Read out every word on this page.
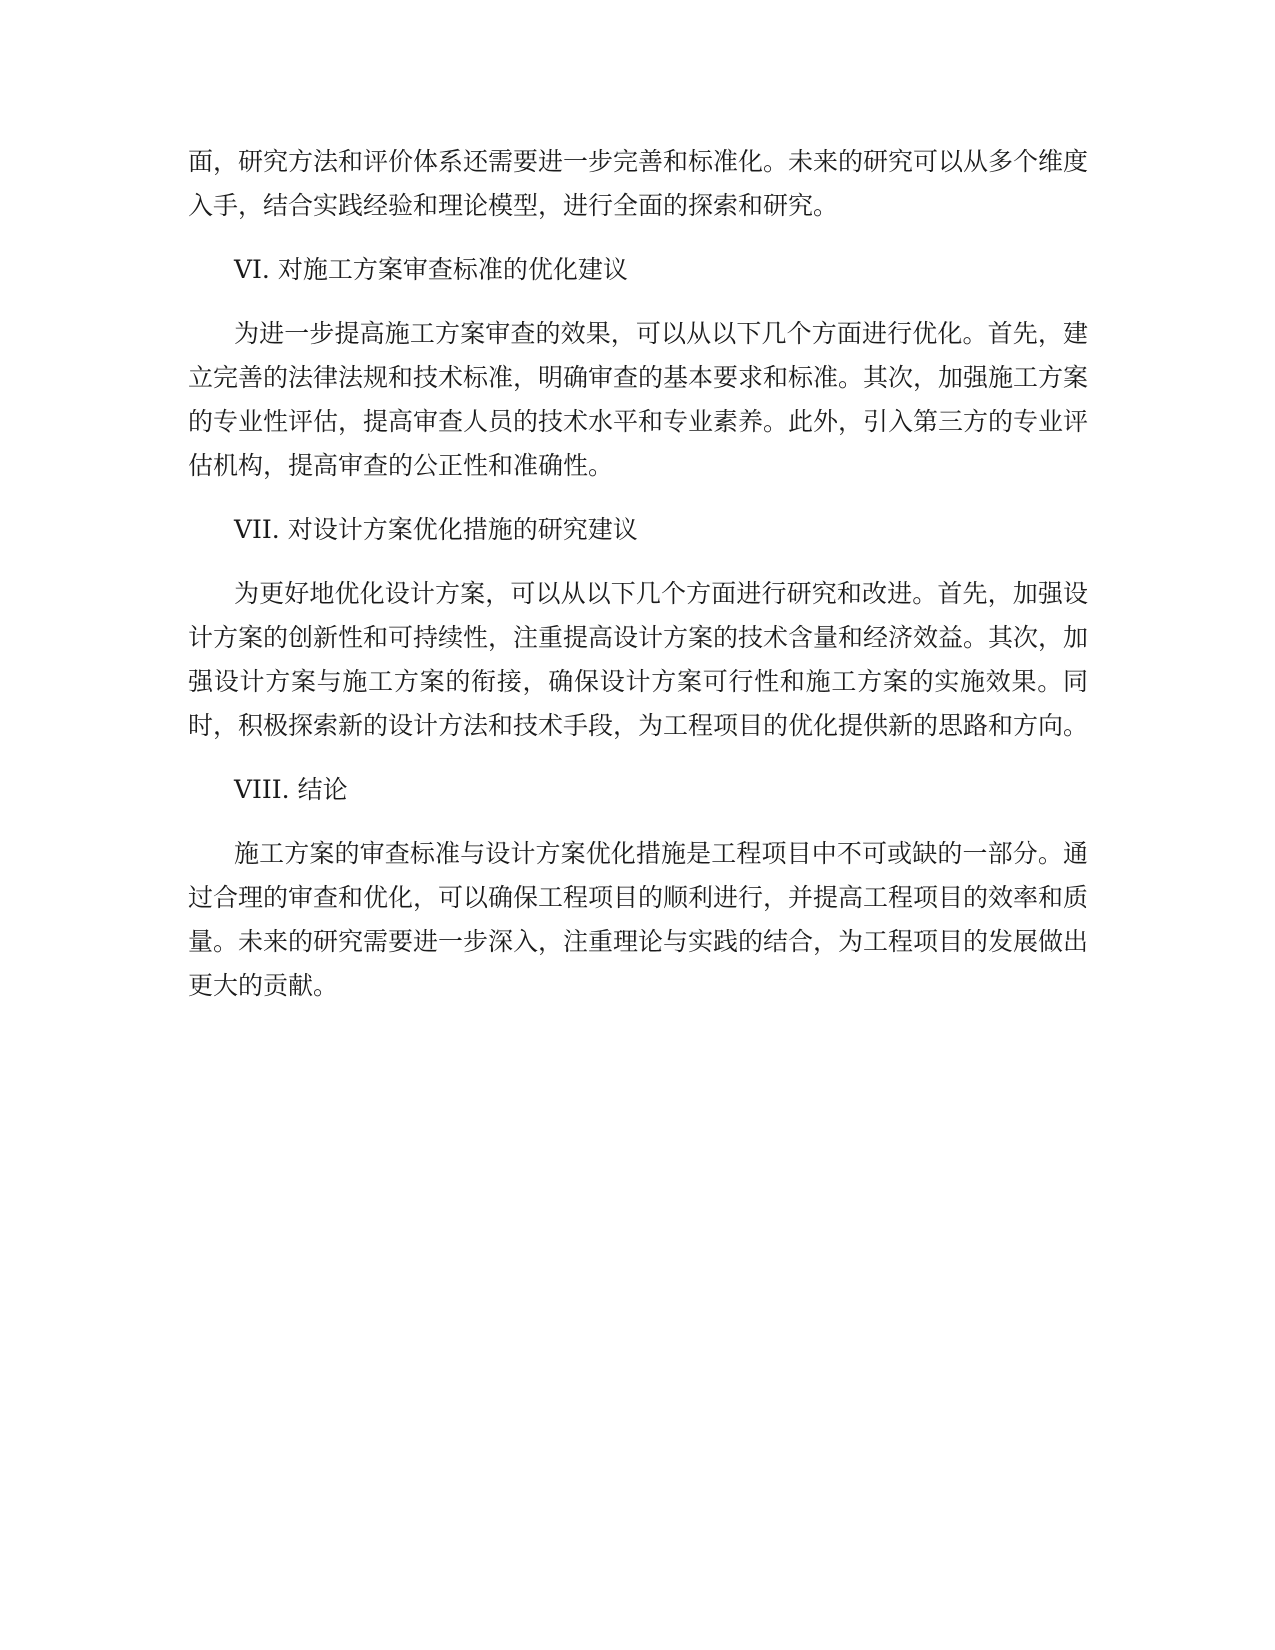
面，研究方法和评价体系还需要进一步完善和标准化。未来的研究可以从多个维度入手，结合实践经验和理论模型，进行全面的探索和研究。

VI. 对施工方案审查标准的优化建议

为进一步提高施工方案审查的效果，可以从以下几个方面进行优化。首先，建立完善的法律法规和技术标准，明确审查的基本要求和标准。其次，加强施工方案的专业性评估，提高审查人员的技术水平和专业素养。此外，引入第三方的专业评估机构，提高审查的公正性和准确性。

VII. 对设计方案优化措施的研究建议

为更好地优化设计方案，可以从以下几个方面进行研究和改进。首先，加强设计方案的创新性和可持续性，注重提高设计方案的技术含量和经济效益。其次，加强设计方案与施工方案的衔接，确保设计方案可行性和施工方案的实施效果。同时，积极探索新的设计方法和技术手段，为工程项目的优化提供新的思路和方向。

VIII. 结论

施工方案的审查标准与设计方案优化措施是工程项目中不可或缺的一部分。通过合理的审查和优化，可以确保工程项目的顺利进行，并提高工程项目的效率和质量。未来的研究需要进一步深入，注重理论与实践的结合，为工程项目的发展做出更大的贡献。
